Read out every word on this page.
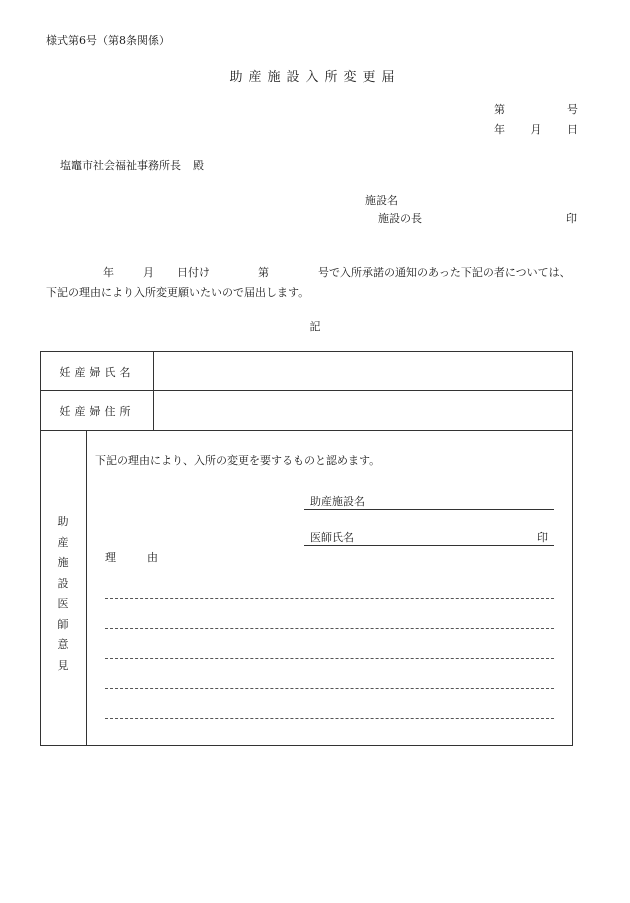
様式第6号（第8条関係）
助産施設入所変更届
第	号
年 月 日
塩竈市社会福祉事務所長 殿
施設名
施設の長	印
年	月 日付け	第	号で入所承諾の通知のあった下記の者については、
下記の理由により入所変更願いたいので届出します。
記
妊産婦氏名
妊産婦住所
助
産
施
設
医
師
意
見
下記の理由により、入所の変更を要するものと認めます。
助産施設名
医師氏名	印
理　由
